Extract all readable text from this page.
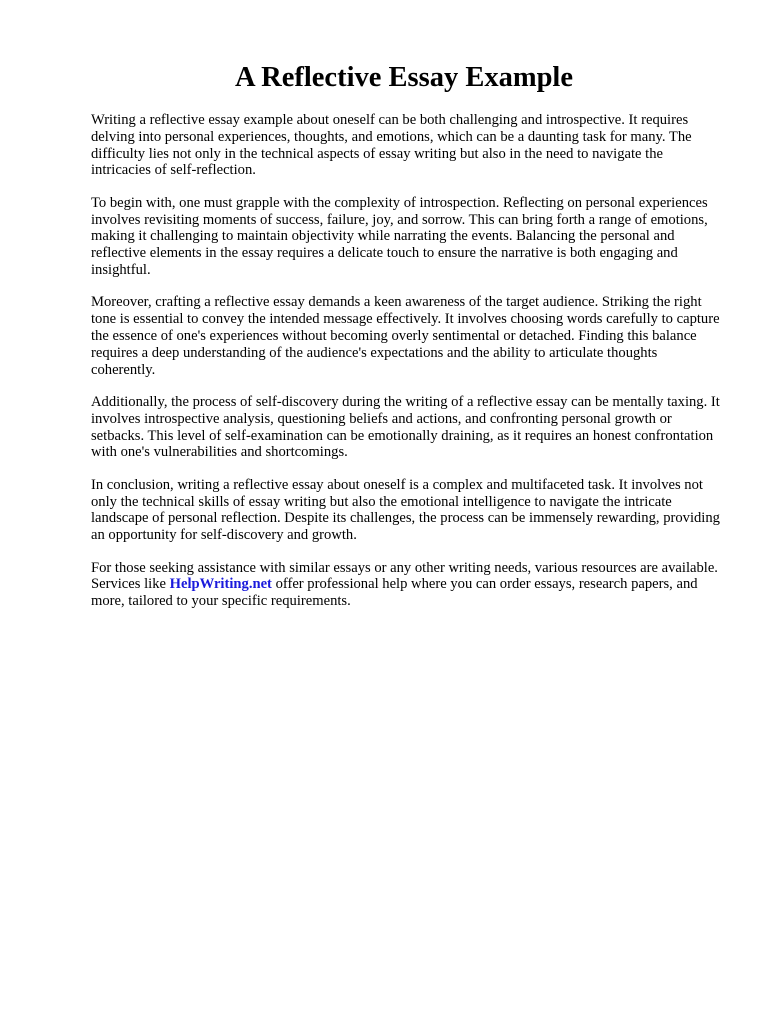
A Reflective Essay Example

Writing a reflective essay example about oneself can be both challenging and introspective. It requires delving into personal experiences, thoughts, and emotions, which can be a daunting task for many. The difficulty lies not only in the technical aspects of essay writing but also in the need to navigate the intricacies of self-reflection.

To begin with, one must grapple with the complexity of introspection. Reflecting on personal experiences involves revisiting moments of success, failure, joy, and sorrow. This can bring forth a range of emotions, making it challenging to maintain objectivity while narrating the events. Balancing the personal and reflective elements in the essay requires a delicate touch to ensure the narrative is both engaging and insightful.

Moreover, crafting a reflective essay demands a keen awareness of the target audience. Striking the right tone is essential to convey the intended message effectively. It involves choosing words carefully to capture the essence of one's experiences without becoming overly sentimental or detached. Finding this balance requires a deep understanding of the audience's expectations and the ability to articulate thoughts coherently.

Additionally, the process of self-discovery during the writing of a reflective essay can be mentally taxing. It involves introspective analysis, questioning beliefs and actions, and confronting personal growth or setbacks. This level of self-examination can be emotionally draining, as it requires an honest confrontation with one's vulnerabilities and shortcomings.

In conclusion, writing a reflective essay about oneself is a complex and multifaceted task. It involves not only the technical skills of essay writing but also the emotional intelligence to navigate the intricate landscape of personal reflection. Despite its challenges, the process can be immensely rewarding, providing an opportunity for self-discovery and growth.

For those seeking assistance with similar essays or any other writing needs, various resources are available. Services like HelpWriting.net offer professional help where you can order essays, research papers, and more, tailored to your specific requirements.
